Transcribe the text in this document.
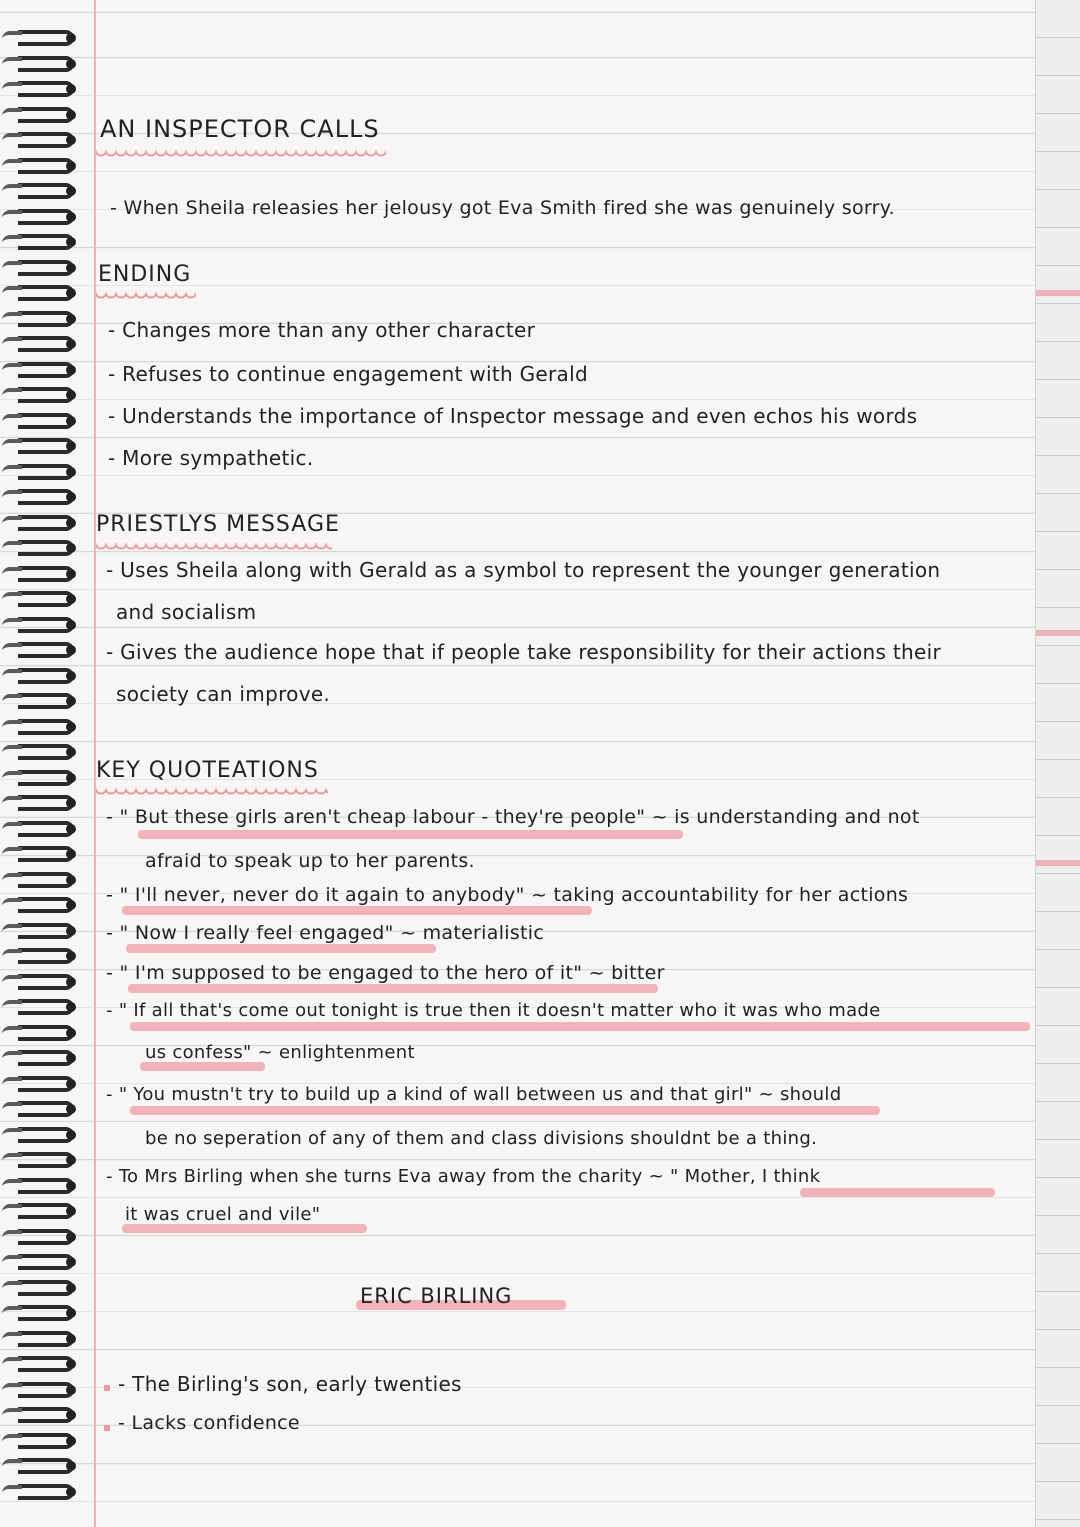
AN INSPECTOR CALLS
- When Sheila releasies her jelousy got Eva Smith fired she was genuinely sorry.
ENDING
- Changes more than any other character
- Refuses to continue engagement with Gerald
- Understands the importance of Inspector message and even echos his words
- More sympathetic.
PRIESTLYS MESSAGE
- Uses Sheila along with Gerald as a symbol to represent the younger generation
and socialism
- Gives the audience hope that if people take responsibility for their actions their
society can improve.
KEY QUOTEATIONS
- " But these girls aren't cheap labour - they're people" ~ is understanding and not
afraid to speak up to her parents.
- " I'll never, never do it again to anybody" ~ taking accountability for her actions
- " Now I really feel engaged" ~ materialistic
- " I'm supposed to be engaged to the hero of it" ~ bitter
- " If all that's come out tonight is true then it doesn't matter who it was who made
us confess" ~ enlightenment
- " You mustn't try to build up a kind of wall between us and that girl" ~ should
be no seperation of any of them and class divisions shouldnt be a thing.
- To Mrs Birling when she turns Eva away from the charity ~ " Mother, I think
it was cruel and vile"
ERIC BIRLING
- The Birling's son, early twenties
- Lacks confidence
